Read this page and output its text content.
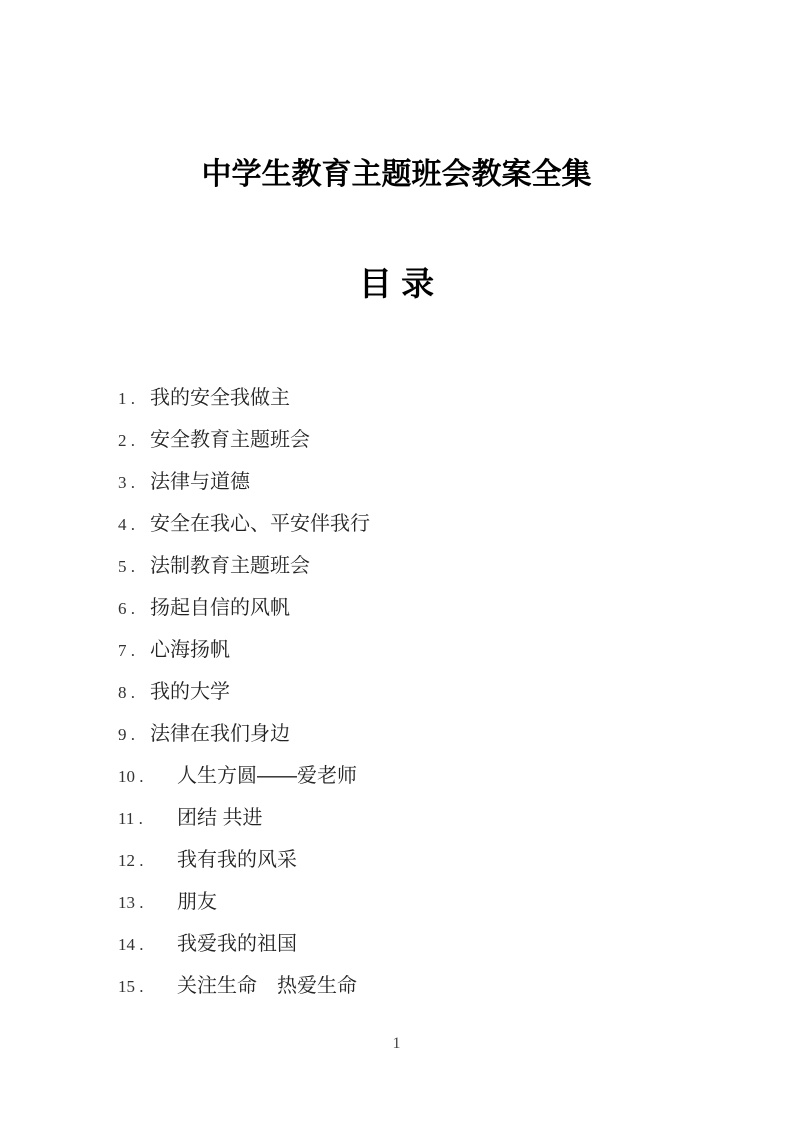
中学生教育主题班会教案全集
目 录
1 . 我的安全我做主
2 . 安全教育主题班会
3 . 法律与道德
4 . 安全在我心、平安伴我行
5 . 法制教育主题班会
6 . 扬起自信的风帆
7 . 心海扬帆
8 . 我的大学
9 . 法律在我们身边
10 . 人生方圆——爱老师
11 . 团结 共进
12 . 我有我的风采
13 . 朋友
14 . 我爱我的祖国
15 . 关注生命　热爱生命
1
